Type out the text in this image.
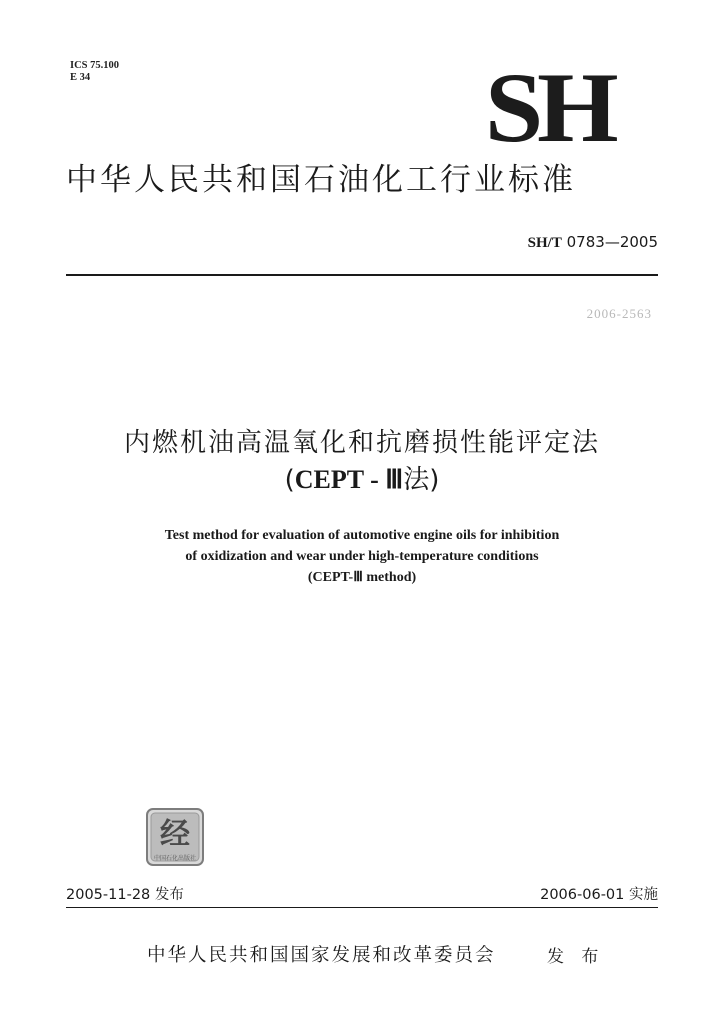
ICS 75.100
E 34	SH
中华人民共和国石油化工行业标准
SH/T 0783—2005
2006-2563
内燃机油高温氧化和抗磨损性能评定法
(CEPT - Ⅲ法)
Test method for evaluation of automotive engine oils for inhibition
of oxidization and wear under high-temperature conditions
(CEPT-Ⅲ method)
经
中国石化出版社
2005-11-28 发布	2006-06-01 实施
中华人民共和国国家发展和改革委员会	发 布
